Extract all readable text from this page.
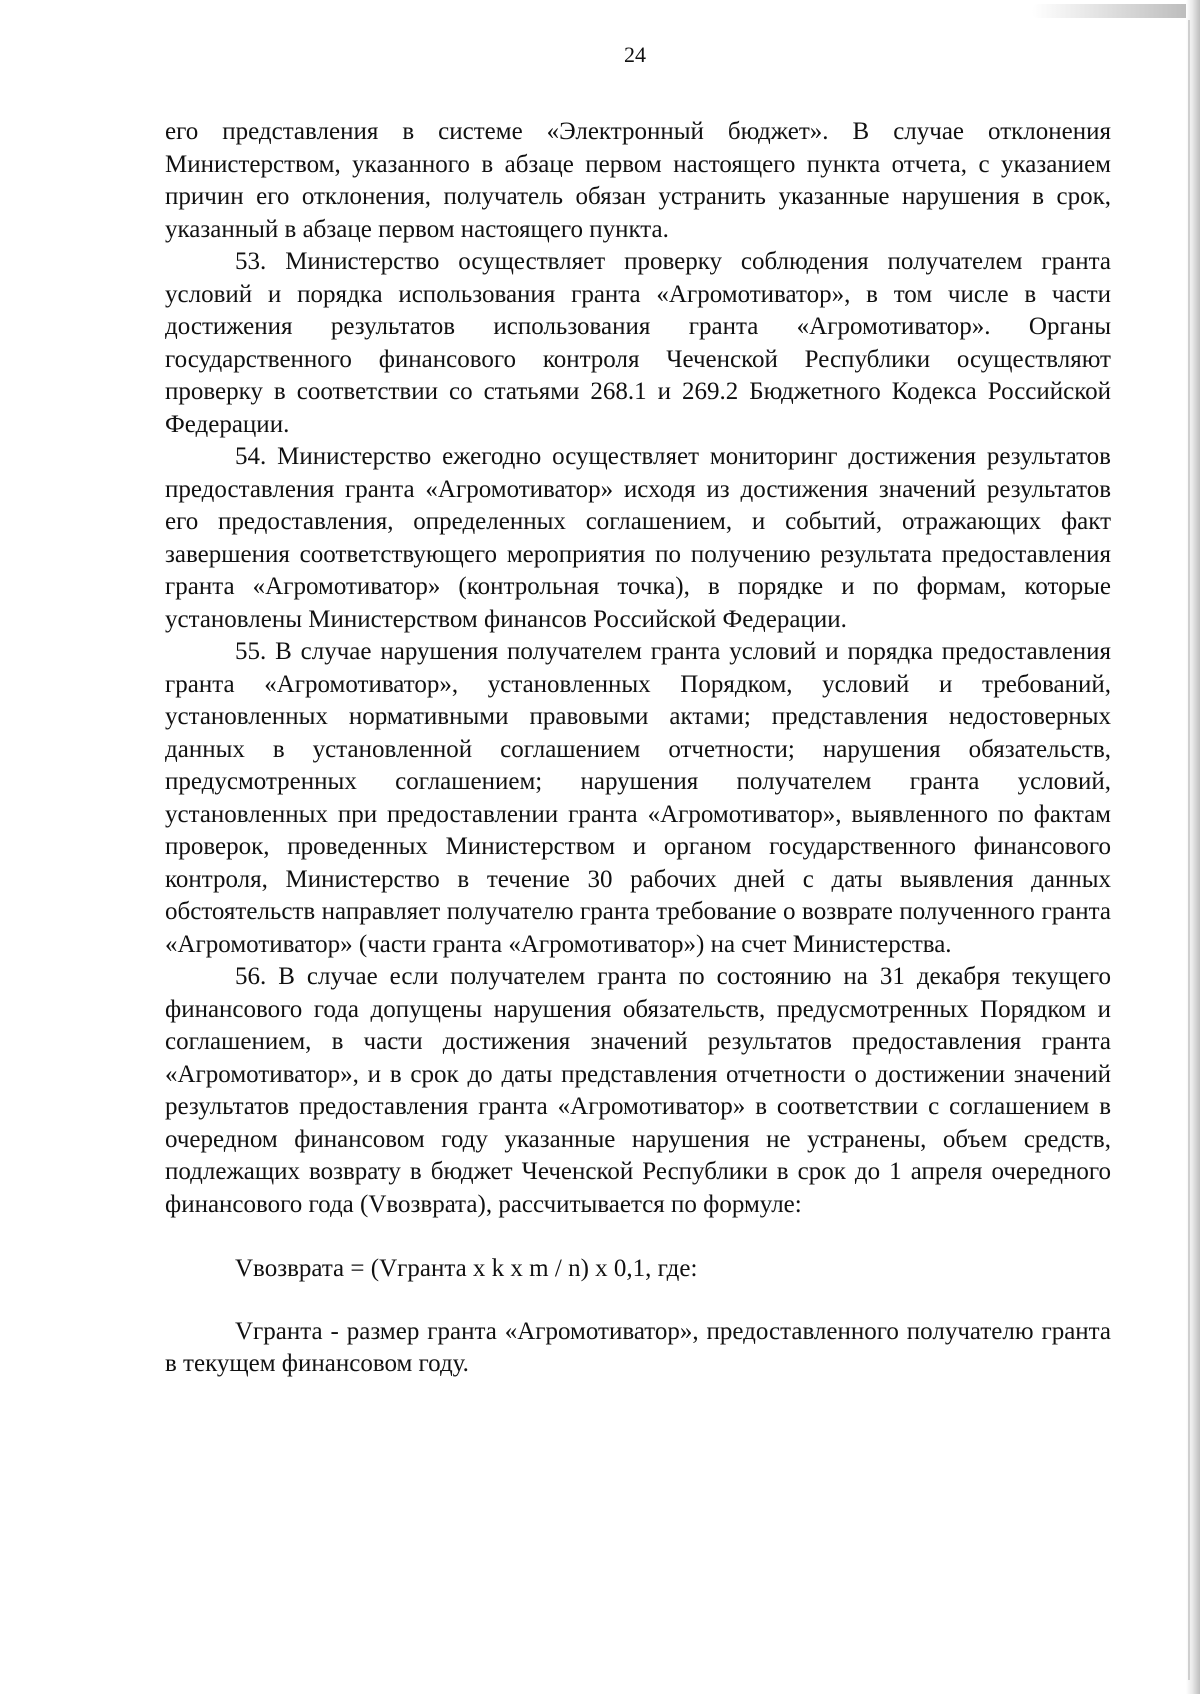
24

его представления в системе «Электронный бюджет». В случае отклонения Министерством, указанного в абзаце первом настоящего пункта отчета, с указанием причин его отклонения, получатель обязан устранить указанные нарушения в срок, указанный в абзаце первом настоящего пункта.

53. Министерство осуществляет проверку соблюдения получателем гранта условий и порядка использования гранта «Агромотиватор», в том числе в части достижения результатов использования гранта «Агромотиватор». Органы государственного финансового контроля Чеченской Республики осуществляют проверку в соответствии со статьями 268.1 и 269.2 Бюджетного Кодекса Российской Федерации.

54. Министерство ежегодно осуществляет мониторинг достижения результатов предоставления гранта «Агромотиватор» исходя из достижения значений результатов его предоставления, определенных соглашением, и событий, отражающих факт завершения соответствующего мероприятия по получению результата предоставления гранта «Агромотиватор» (контрольная точка), в порядке и по формам, которые установлены Министерством финансов Российской Федерации.

55. В случае нарушения получателем гранта условий и порядка предоставления гранта «Агромотиватор», установленных Порядком, условий и требований, установленных нормативными правовыми актами; представления недостоверных данных в установленной соглашением отчетности; нарушения обязательств, предусмотренных соглашением; нарушения получателем гранта условий, установленных при предоставлении гранта «Агромотиватор», выявленного по фактам проверок, проведенных Министерством и органом государственного финансового контроля, Министерство в течение 30 рабочих дней с даты выявления данных обстоятельств направляет получателю гранта требование о возврате полученного гранта «Агромотиватор» (части гранта «Агромотиватор») на счет Министерства.

56. В случае если получателем гранта по состоянию на 31 декабря текущего финансового года допущены нарушения обязательств, предусмотренных Порядком и соглашением, в части достижения значений результатов предоставления гранта «Агромотиватор», и в срок до даты представления отчетности о достижении значений результатов предоставления гранта «Агромотиватор» в соответствии с соглашением в очередном финансовом году указанные нарушения не устранены, объем средств, подлежащих возврату в бюджет Чеченской Республики в срок до 1 апреля очередного финансового года (Vвозврата), рассчитывается по формуле:

Vвозврата = (Vгранта x k x m / n) x 0,1, где:

Vгранта - размер гранта «Агромотиватор», предоставленного получателю гранта в текущем финансовом году.
